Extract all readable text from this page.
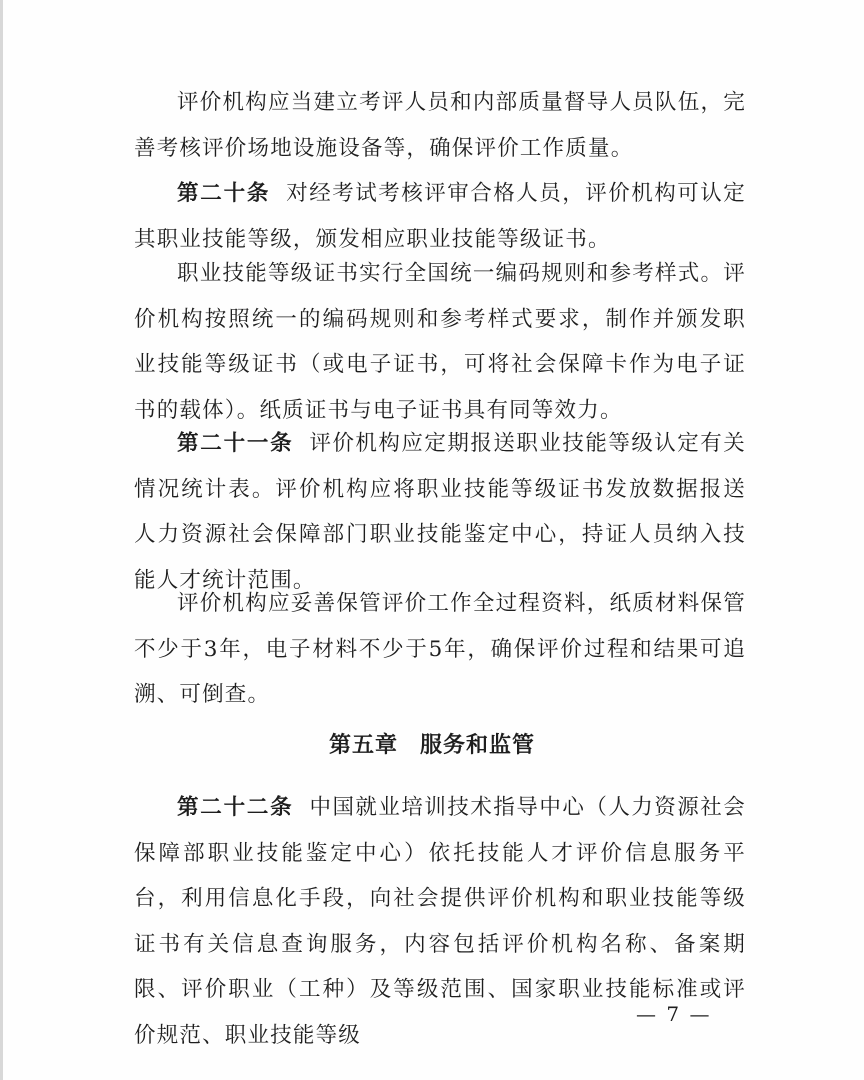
评价机构应当建立考评人员和内部质量督导人员队伍，完善考核评价场地设施设备等，确保评价工作质量。

第二十条 对经考试考核评审合格人员，评价机构可认定其职业技能等级，颁发相应职业技能等级证书。

职业技能等级证书实行全国统一编码规则和参考样式。评价机构按照统一的编码规则和参考样式要求，制作并颁发职业技能等级证书（或电子证书，可将社会保障卡作为电子证书的载体）。纸质证书与电子证书具有同等效力。

第二十一条 评价机构应定期报送职业技能等级认定有关情况统计表。评价机构应将职业技能等级证书发放数据报送人力资源社会保障部门职业技能鉴定中心，持证人员纳入技能人才统计范围。

评价机构应妥善保管评价工作全过程资料，纸质材料保管不少于3年，电子材料不少于5年，确保评价过程和结果可追溯、可倒查。

第五章 服务和监管

第二十二条 中国就业培训技术指导中心（人力资源社会保障部职业技能鉴定中心）依托技能人才评价信息服务平台，利用信息化手段，向社会提供评价机构和职业技能等级证书有关信息查询服务，内容包括评价机构名称、备案期限、评价职业（工种）及等级范围、国家职业技能标准或评价规范、职业技能等级

— 7 —
